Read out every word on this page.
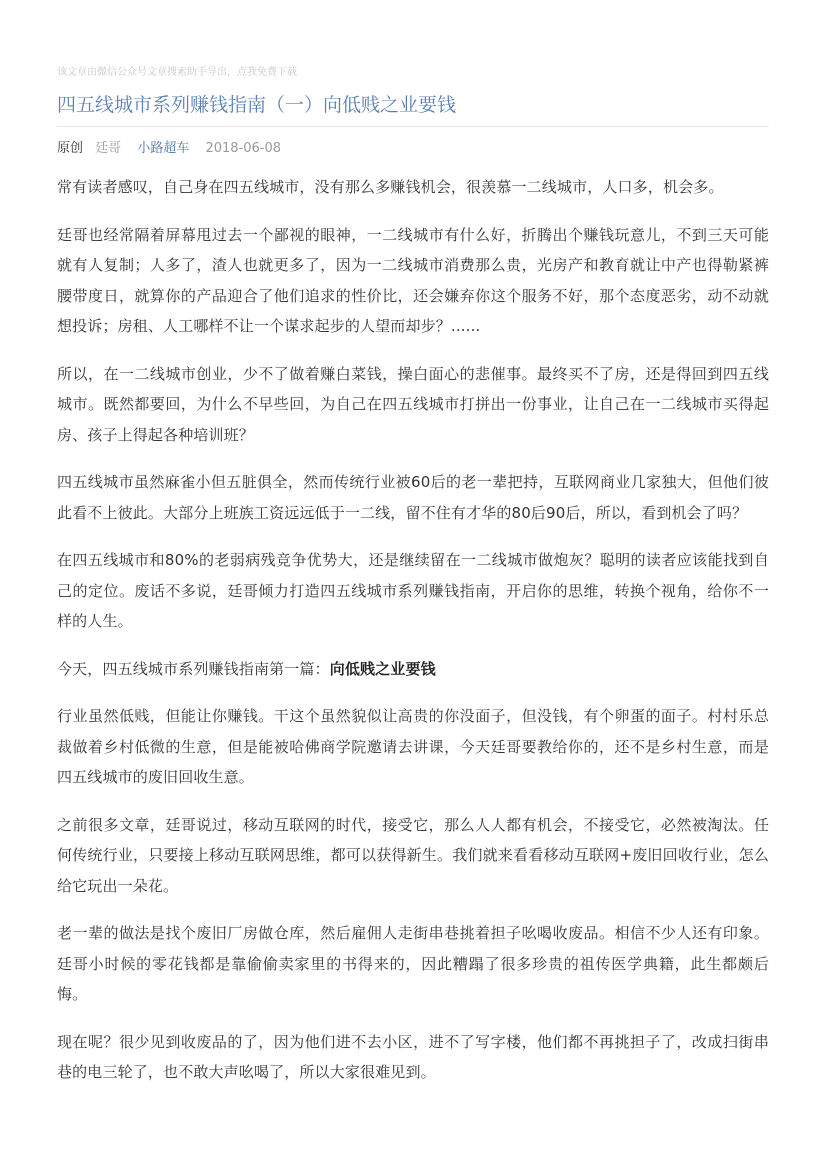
该文章由微信公众号文章搜索助手导出，点我免费下载
四五线城市系列赚钱指南（一）向低贱之业要钱
原创 廷哥 小路超车 2018-06-08

常有读者感叹，自己身在四五线城市，没有那么多赚钱机会，很羡慕一二线城市，人口多，机会多。

廷哥也经常隔着屏幕甩过去一个鄙视的眼神，一二线城市有什么好，折腾出个赚钱玩意儿，不到三天可能就有人复制；人多了，渣人也就更多了，因为一二线城市消费那么贵，光房产和教育就让中产也得勒紧裤腰带度日，就算你的产品迎合了他们追求的性价比，还会嫌弃你这个服务不好，那个态度恶劣，动不动就想投诉；房租、人工哪样不让一个谋求起步的人望而却步？......

所以，在一二线城市创业，少不了做着赚白菜钱，操白面心的悲催事。最终买不了房，还是得回到四五线城市。既然都要回，为什么不早些回，为自己在四五线城市打拼出一份事业，让自己在一二线城市买得起房、孩子上得起各种培训班？

四五线城市虽然麻雀小但五脏俱全，然而传统行业被60后的老一辈把持，互联网商业几家独大，但他们彼此看不上彼此。大部分上班族工资远远低于一二线，留不住有才华的80后90后，所以，看到机会了吗？

在四五线城市和80%的老弱病残竞争优势大，还是继续留在一二线城市做炮灰？聪明的读者应该能找到自己的定位。废话不多说，廷哥倾力打造四五线城市系列赚钱指南，开启你的思维，转换个视角，给你不一样的人生。

今天，四五线城市系列赚钱指南第一篇：向低贱之业要钱

行业虽然低贱，但能让你赚钱。干这个虽然貌似让高贵的你没面子，但没钱，有个卵蛋的面子。村村乐总裁做着乡村低微的生意，但是能被哈佛商学院邀请去讲课，今天廷哥要教给你的，还不是乡村生意，而是四五线城市的废旧回收生意。

之前很多文章，廷哥说过，移动互联网的时代，接受它，那么人人都有机会，不接受它，必然被淘汰。任何传统行业，只要接上移动互联网思维，都可以获得新生。我们就来看看移动互联网+废旧回收行业，怎么给它玩出一朵花。

老一辈的做法是找个废旧厂房做仓库，然后雇佣人走街串巷挑着担子吆喝收废品。相信不少人还有印象。廷哥小时候的零花钱都是靠偷偷卖家里的书得来的，因此糟蹋了很多珍贵的祖传医学典籍，此生都颇后悔。

现在呢？很少见到收废品的了，因为他们进不去小区，进不了写字楼，他们都不再挑担子了，改成扫街串巷的电三轮了，也不敢大声吆喝了，所以大家很难见到。
